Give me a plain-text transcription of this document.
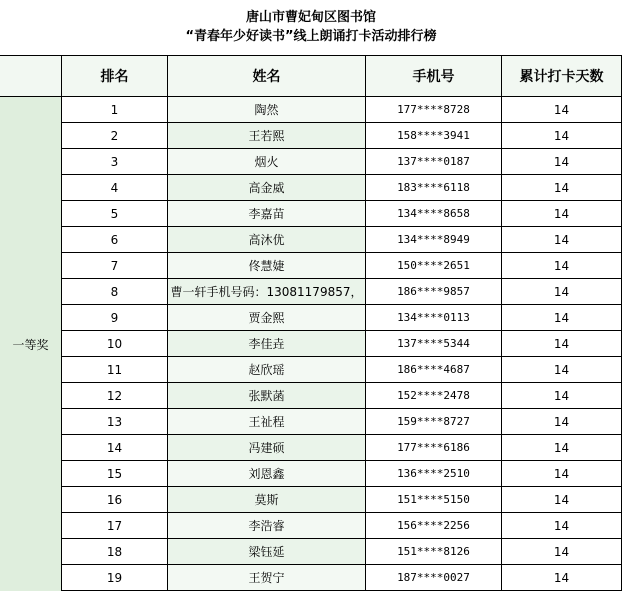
唐山市曹妃甸区图书馆
“青春年少好读书”线上朗诵打卡活动排行榜
排名	姓名	手机号	累计打卡天数
一等奖
1	陶然	177****8728	14
2	王若熙	158****3941	14
3	烟火	137****0187	14
4	高金威	183****6118	14
5	李嘉苗	134****8658	14
6	高沐优	134****8949	14
7	佟慧婕	150****2651	14
8	曹一轩手机号码：13081179857，	186****9857	14
9	贾金熙	134****0113	14
10	李佳垚	137****5344	14
11	赵欣瑶	186****4687	14
12	张默菡	152****2478	14
13	王祉程	159****8727	14
14	冯建硕	177****6186	14
15	刘恩鑫	136****2510	14
16	莫斯	151****5150	14
17	李浩睿	156****2256	14
18	梁钰延	151****8126	14
19	王贺宁	187****0027	14
